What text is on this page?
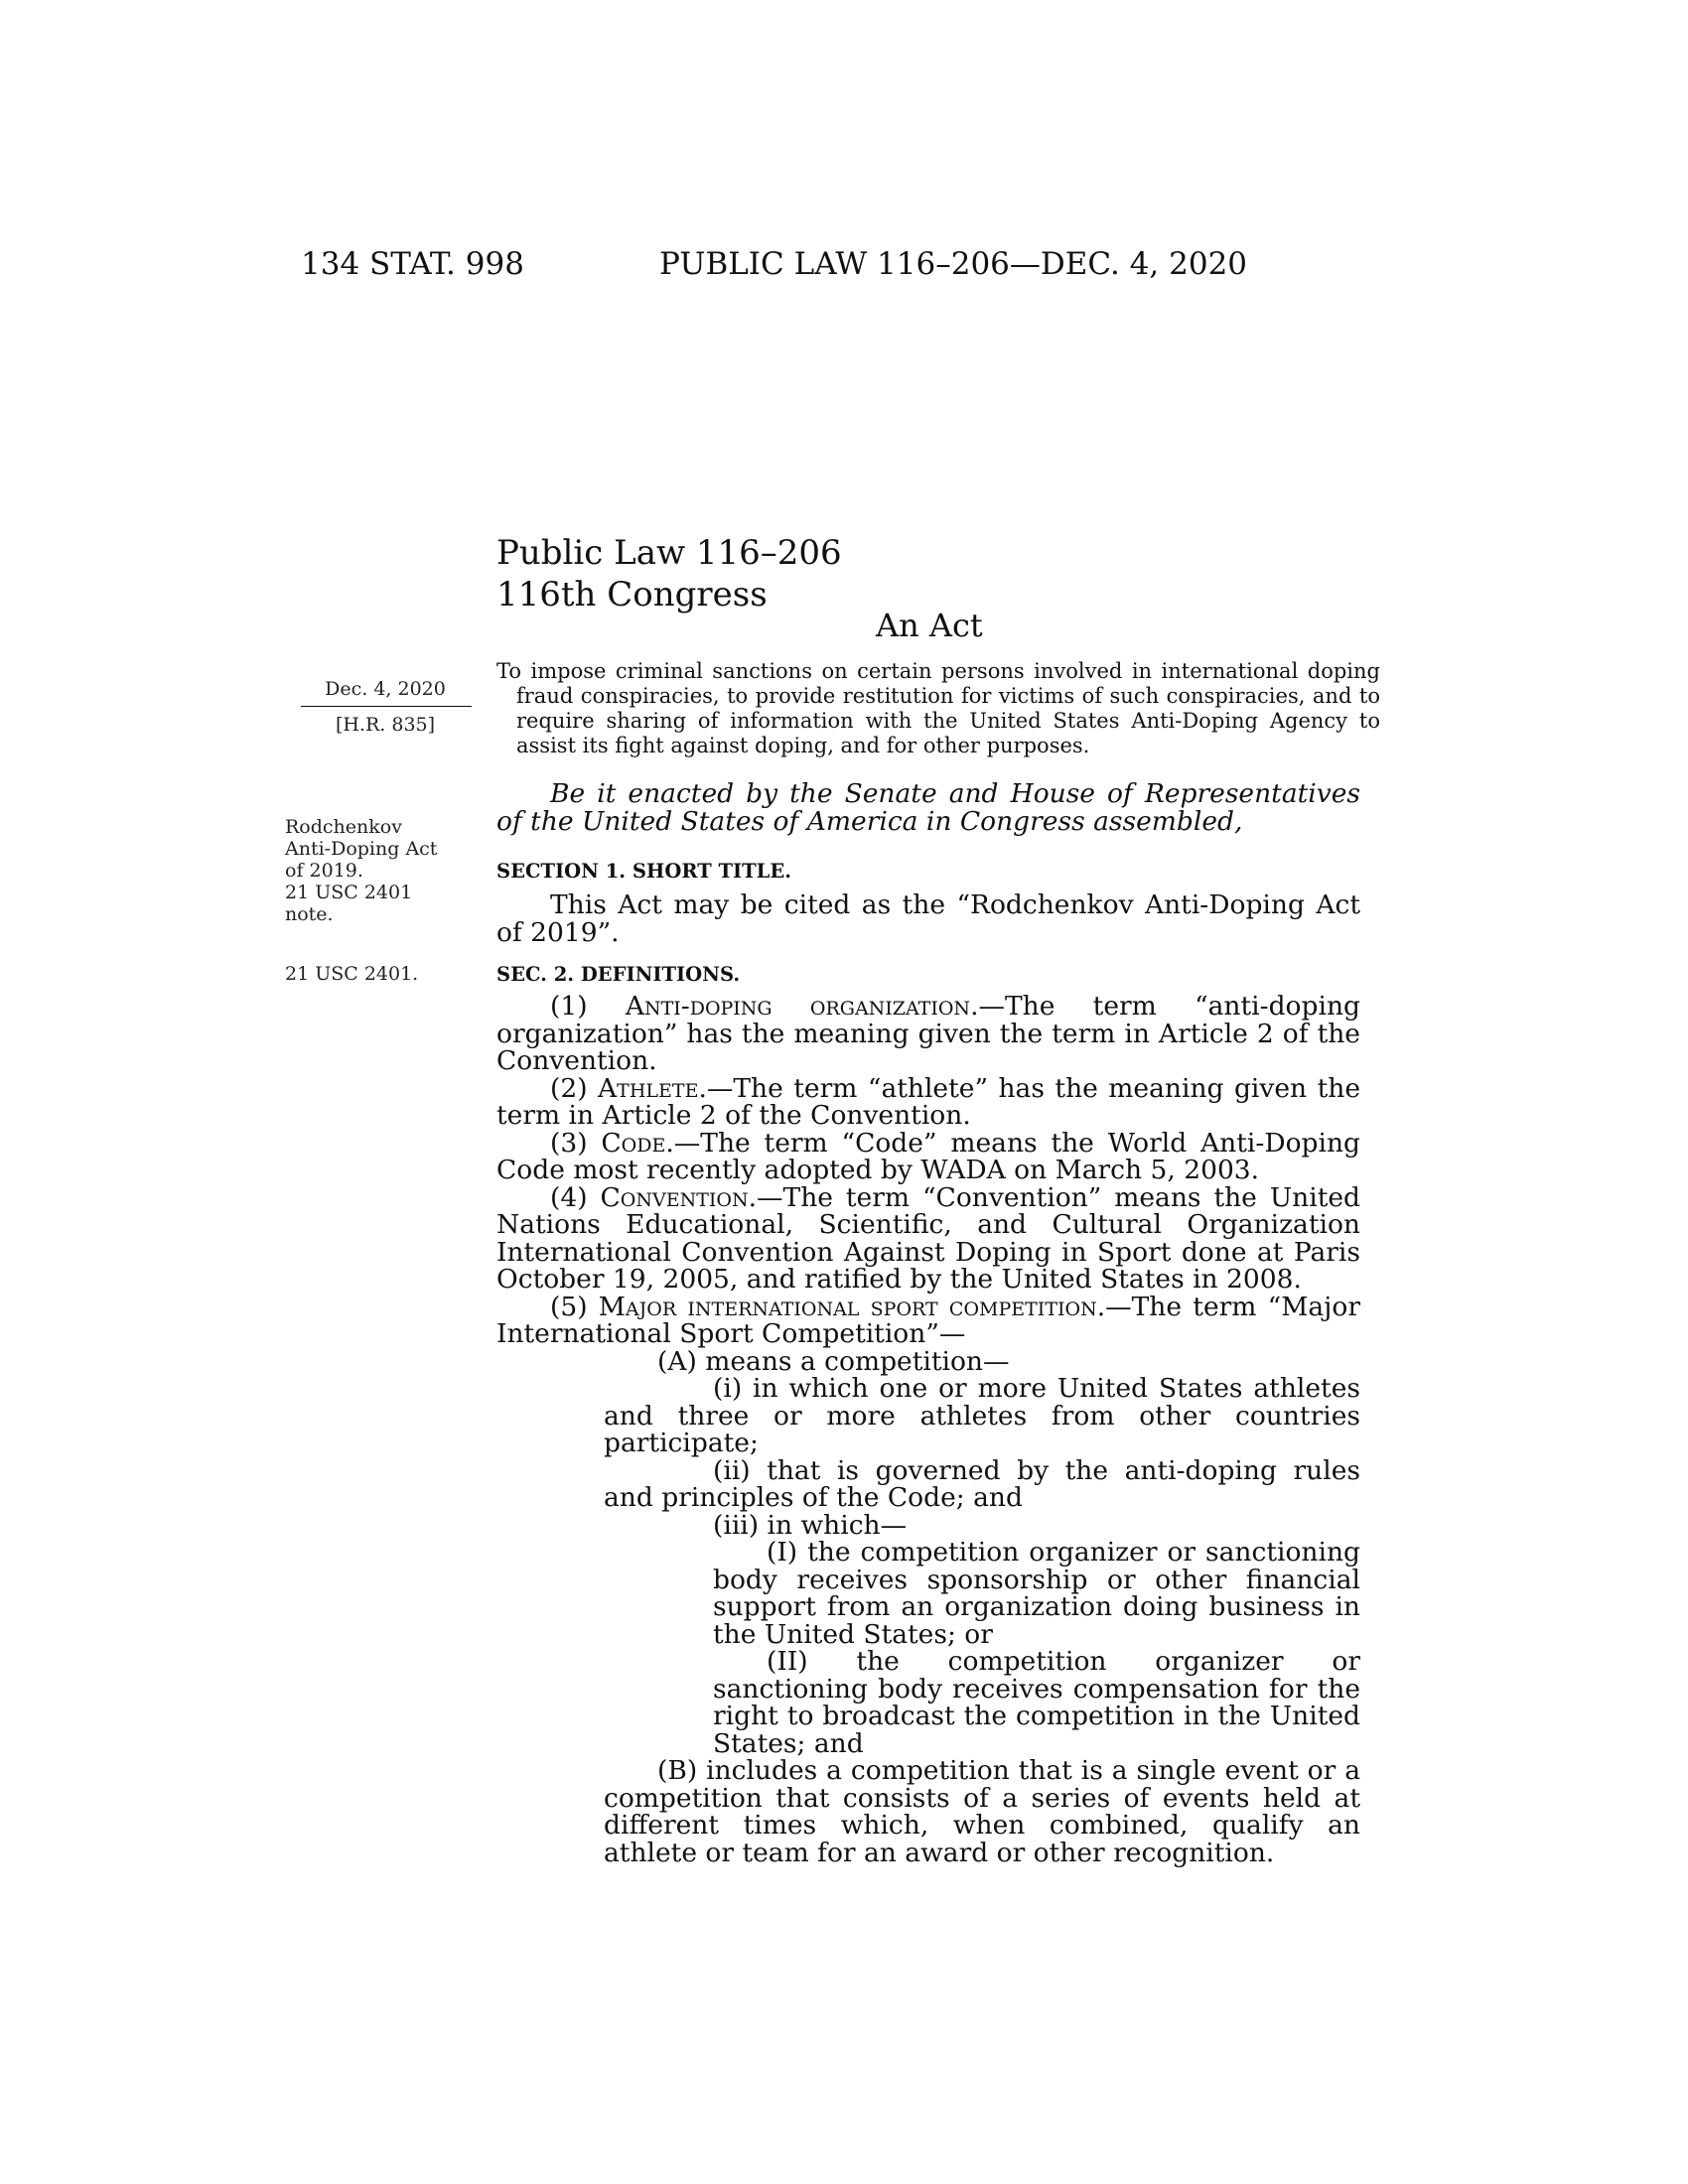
134 STAT. 998	PUBLIC LAW 116–206—DEC. 4, 2020
Public Law 116–206
116th Congress
An Act
Dec. 4, 2020
[H.R. 835]
Rodchenkov
Anti-Doping Act
of 2019.
21 USC 2401
note.
21 USC 2401.
To impose criminal sanctions on certain persons involved in international doping fraud conspiracies, to provide restitution for victims of such conspiracies, and to require sharing of information with the United States Anti-Doping Agency to assist its fight against doping, and for other purposes.
Be it enacted by the Senate and House of Representatives of the United States of America in Congress assembled,
SECTION 1. SHORT TITLE.

This Act may be cited as the “Rodchenkov Anti-Doping Act of 2019”.

SEC. 2. DEFINITIONS.

(1) Anti-doping organization.—The term “anti-doping organization” has the meaning given the term in Article 2 of the Convention.

(2) Athlete.—The term “athlete” has the meaning given the term in Article 2 of the Convention.

(3) Code.—The term “Code” means the World Anti-Doping Code most recently adopted by WADA on March 5, 2003.

(4) Convention.—The term “Convention” means the United Nations Educational, Scientific, and Cultural Organization International Convention Against Doping in Sport done at Paris October 19, 2005, and ratified by the United States in 2008.

(5) Major international sport competition.—The term “Major International Sport Competition”—

(A) means a competition—

(i) in which one or more United States athletes and three or more athletes from other countries participate;

(ii) that is governed by the anti-doping rules and principles of the Code; and

(iii) in which—

(I) the competition organizer or sanctioning body receives sponsorship or other financial support from an organization doing business in the United States; or

(II) the competition organizer or sanctioning body receives compensation for the right to broadcast the competition in the United States; and

(B) includes a competition that is a single event or a competition that consists of a series of events held at different times which, when combined, qualify an athlete or team for an award or other recognition.
